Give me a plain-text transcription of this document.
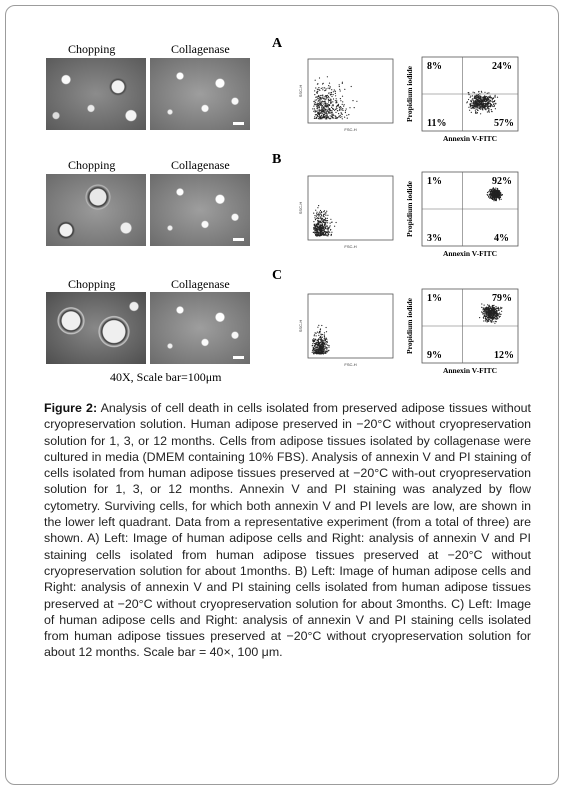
Chopping	Collagenase	A
SSC-H
FSC-H
8%	24%
11%	57%
Propidium iodide
Annexin V-FITC
Chopping	Collagenase	B
SSC-H
FSC-H
1%	92%
3%	4%
Propidium iodide
Annexin V-FITC
Chopping	Collagenase
C
SSC-H
FSC-H
1%	79%
9%	12%
Propidium iodide
Annexin V-FITC
40X, Scale bar=100μm
Figure 2: Analysis of cell death in cells isolated from preserved adipose tissues without cryopreservation solution. Human adipose preserved in −20°C without cryopreservation solution for 1, 3, or 12 months. Cells from adipose tissues isolated by collagenase were cultured in media (DMEM containing 10% FBS). Analysis of annexin V and PI staining of cells isolated from human adipose tissues preserved at −20°C with-out cryopreservation solution for 1, 3, or 12 months. Annexin V and PI staining was analyzed by flow cytometry. Surviving cells, for which both annexin V and PI levels are low, are shown in the lower left quadrant. Data from a representative experiment (from a total of three) are shown. A) Left: Image of human adipose cells and Right: analysis of annexin V and PI staining cells isolated from human adipose tissues preserved at −20°C without cryopreservation solution for about 1months. B) Left: Image of human adipose cells and Right: analysis of annexin V and PI staining cells isolated from human adipose tissues preserved at −20°C without cryopreservation solution for about 3months. C) Left: Image of human adipose cells and Right: analysis of annexin V and PI staining cells isolated from human adipose tissues preserved at −20°C without cryopreservation solution for about 12 months. Scale bar = 40×, 100 μm.
